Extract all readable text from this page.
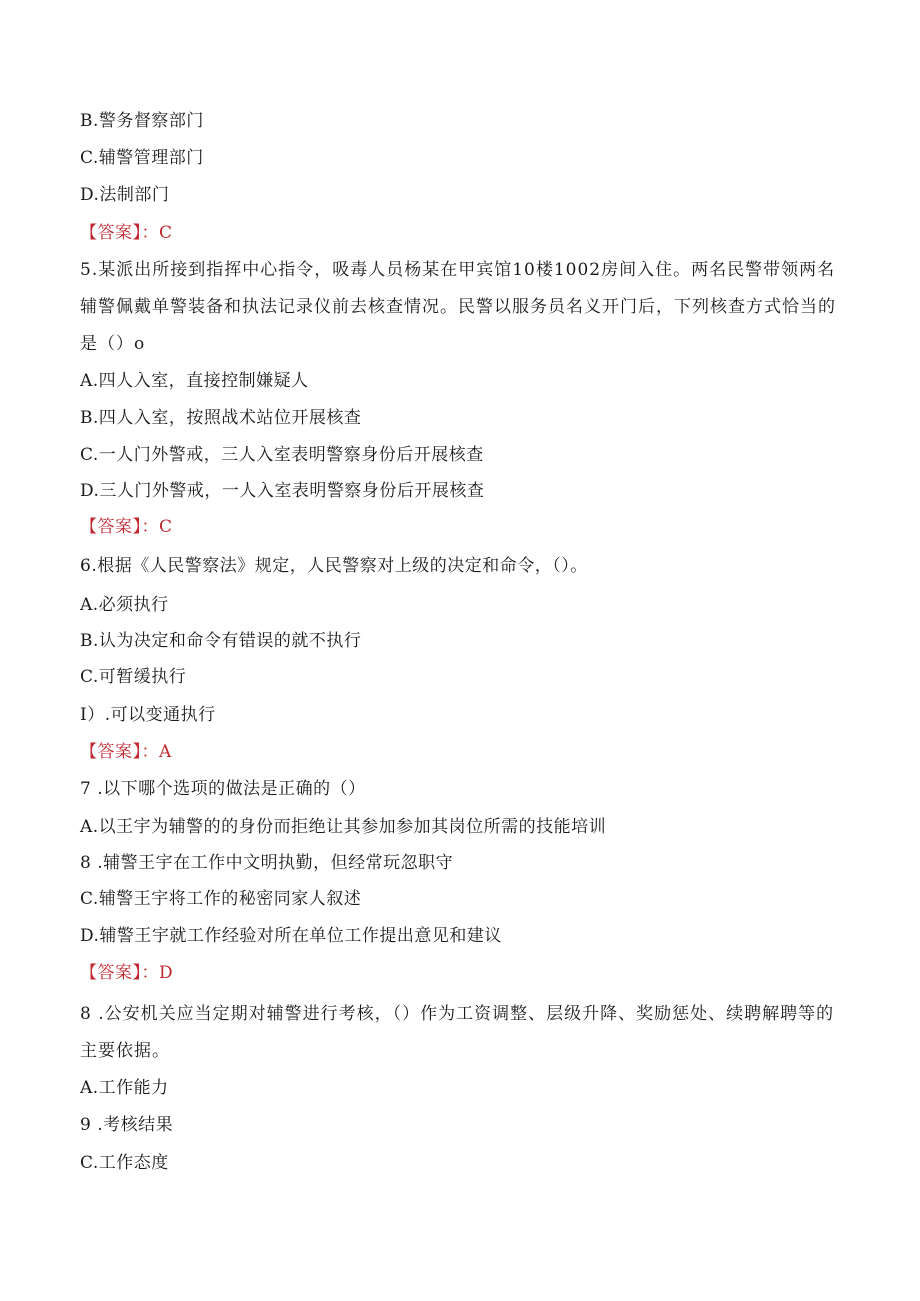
B.警务督察部门
C.辅警管理部门
D.法制部门
【答案】：C
5.某派出所接到指挥中心指令，吸毒人员杨某在甲宾馆10楼1002房间入住。两名民警带领两名辅警佩戴单警装备和执法记录仪前去核查情况。民警以服务员名义开门后，下列核查方式恰当的是（）o
A.四人入室，直接控制嫌疑人
B.四人入室，按照战术站位开展核查
C.一人门外警戒，三人入室表明警察身份后开展核查
D.三人门外警戒，一人入室表明警察身份后开展核查
【答案】：C
6.根据《人民警察法》规定，人民警察对上级的决定和命令，（）。
A.必须执行
B.认为决定和命令有错误的就不执行
C.可暂缓执行
I）.可以变通执行
【答案】：A
7 .以下哪个选项的做法是正确的（）
A.以王宇为辅警的的身份而拒绝让其参加参加其岗位所需的技能培训
8 .辅警王宇在工作中文明执勤，但经常玩忽职守
C.辅警王宇将工作的秘密同家人叙述
D.辅警王宇就工作经验对所在单位工作提出意见和建议
【答案】：D
8 .公安机关应当定期对辅警进行考核，（）作为工资调整、层级升降、奖励惩处、续聘解聘等的主要依据。
A.工作能力
9 .考核结果
C.工作态度
